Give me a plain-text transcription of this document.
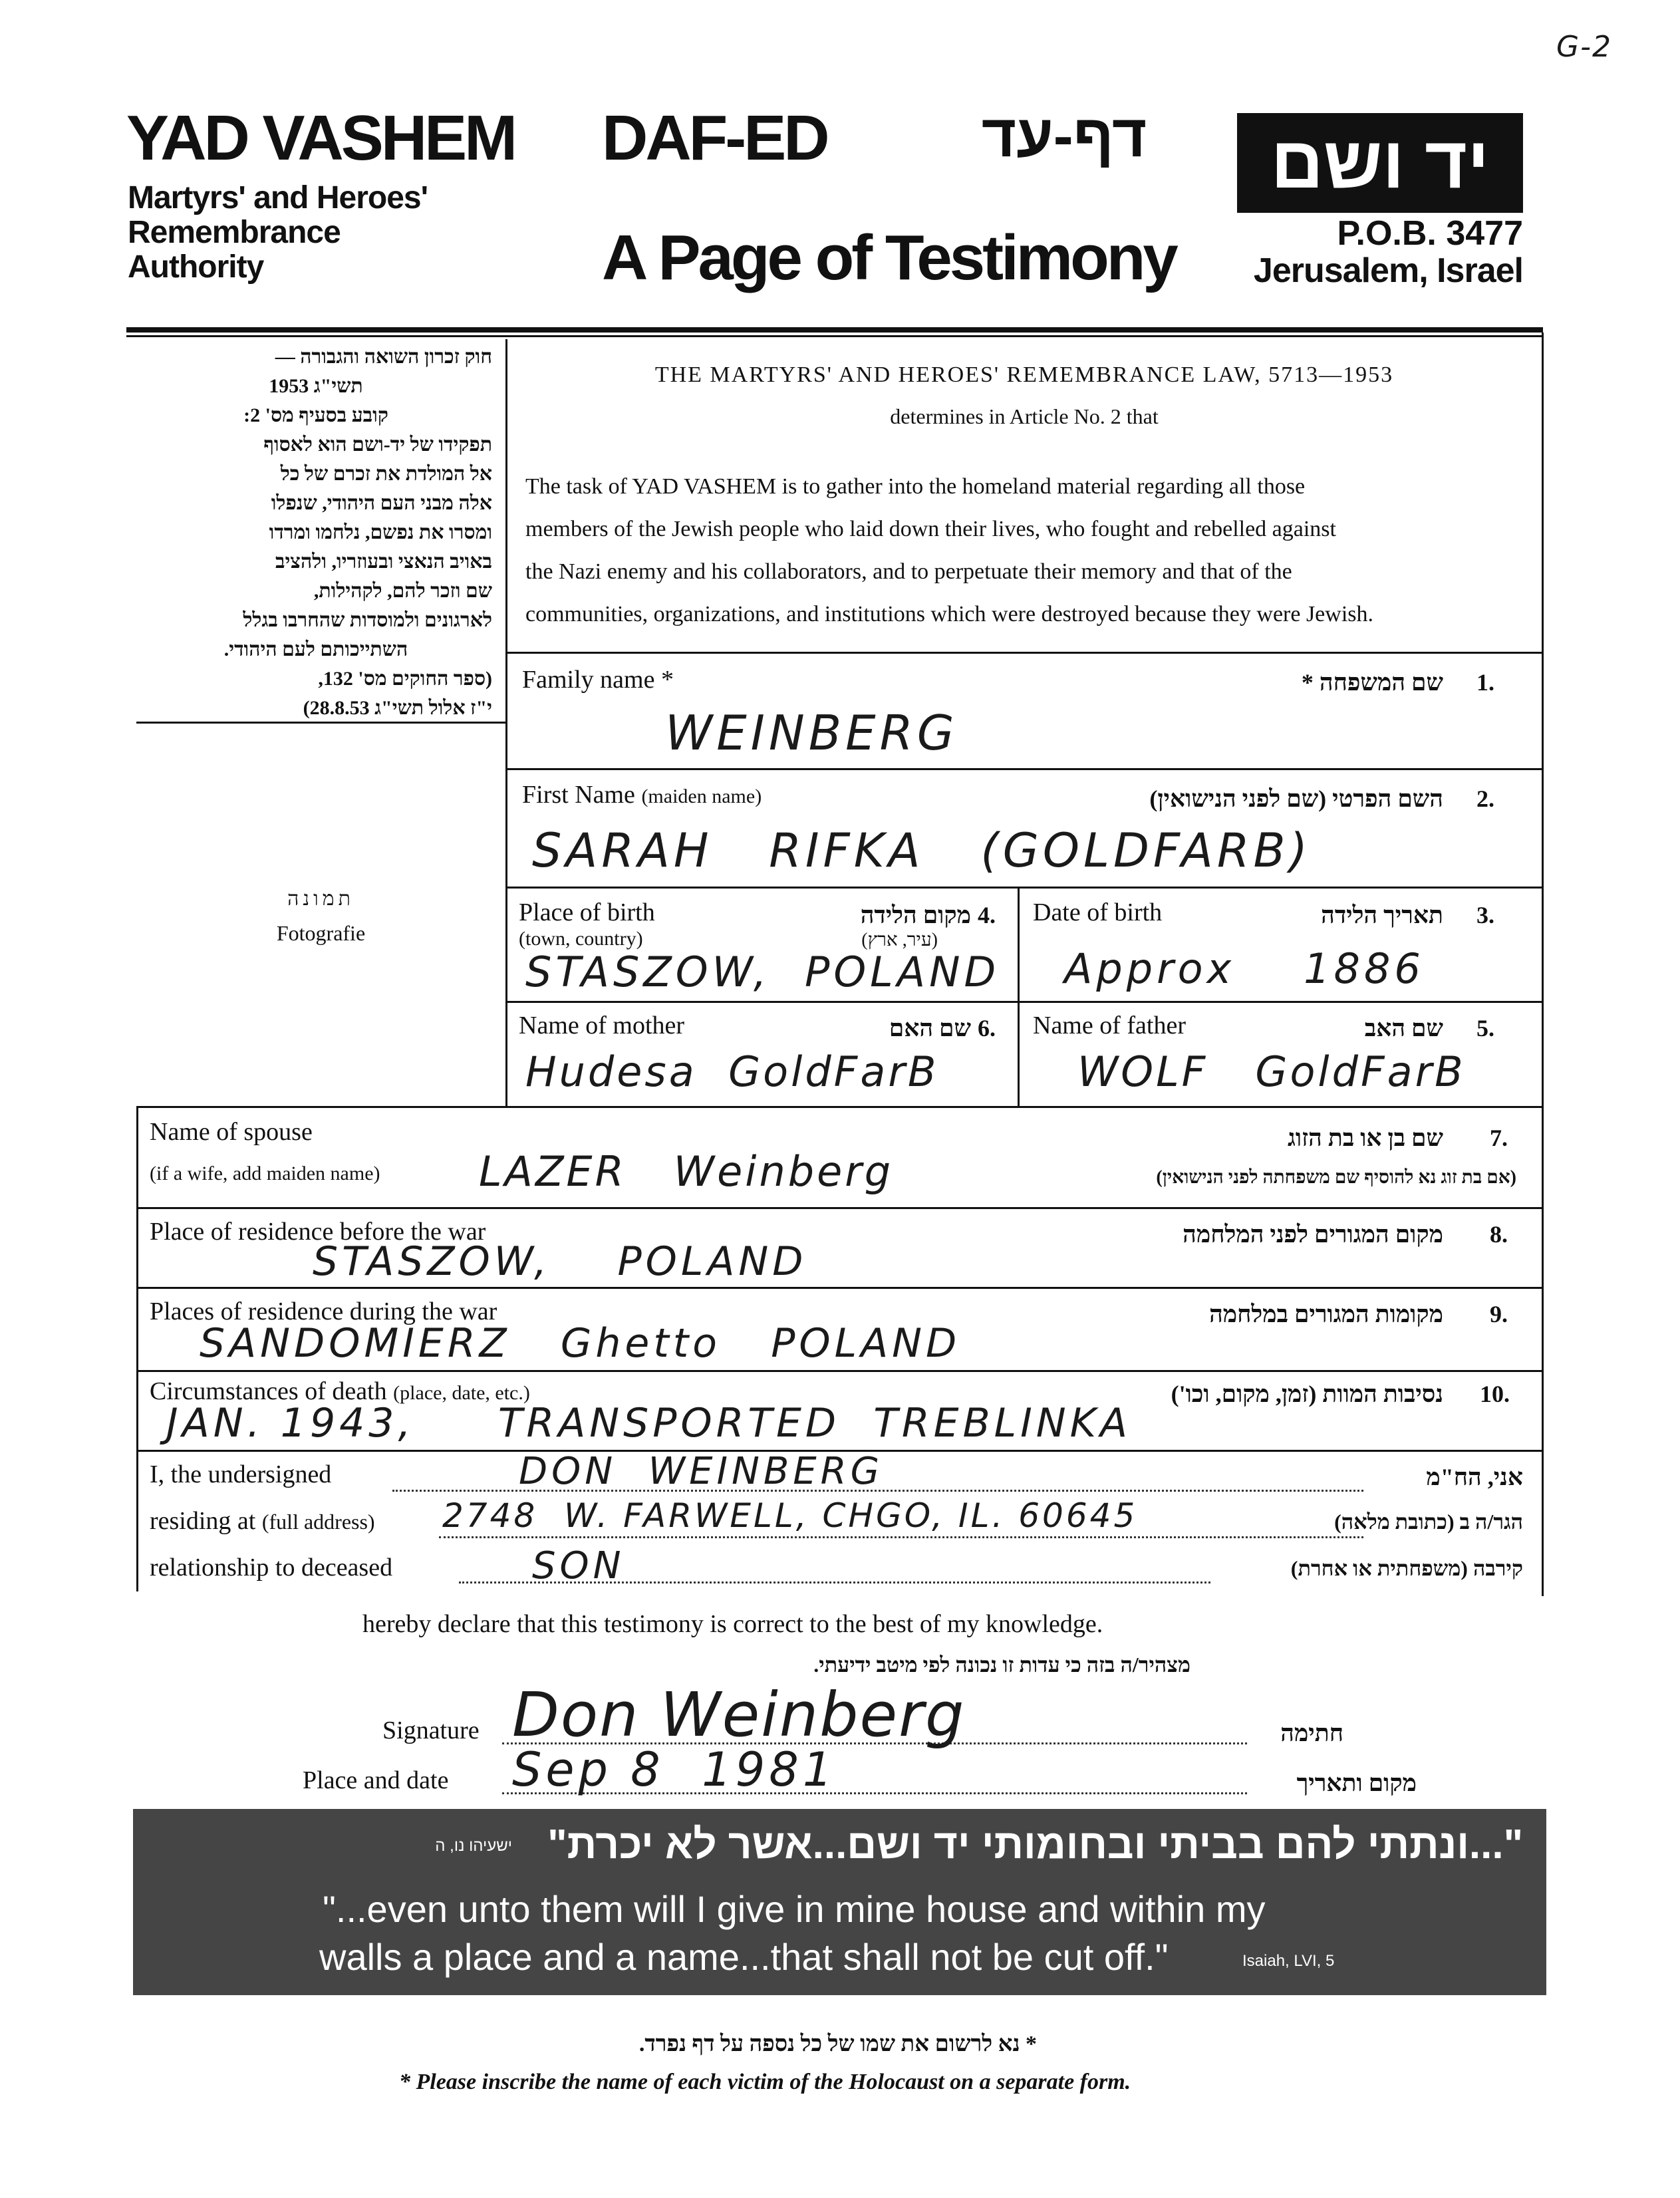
G-2
YAD VASHEM
Martyrs' and Heroes'
Remembrance
Authority
DAF-ED	דף-עד
A Page of Testimony
יד ושם
P.O.B. 3477
Jerusalem, Israel
חוק זכרון השואה והגבורה —
תשי"ג 1953
קובע בסעיף מס' 2:
תפקידו של יד-ושם הוא לאסוף
אל המולדת את זכרם של כל
אלה מבני העם היהודי, שנפלו
ומסרו את נפשם, נלחמו ומרדו
באויב הנאצי ובעוזריו, ולהציב
שם וזכר להם, לקהילות,
לארגונים ולמוסדות שהחרבו בגלל
השתייכותם לעם היהודי.
(ספר החוקים מס' 132,
י"ז אלול תשי"ג 28.8.53)
THE MARTYRS' AND HEROES' REMEMBRANCE LAW, 5713—1953
determines in Article No. 2 that
The task of YAD VASHEM is to gather into the homeland material regarding all those
members of the Jewish people who laid down their lives, who fought and rebelled against
the Nazi enemy and his collaborators, and to perpetuate their memory and that of the
communities, organizations, and institutions which were destroyed because they were Jewish.
תמונה
Fotografie
Family name *	שם המשפחה * 1.
WEINBERG
First Name (maiden name)	השם הפרטי (שם לפני הנישואין) 2.
SARAH   RIFKA   (GOLDFARB)
Place of birth
(town, country)
מקום הלידה
(עיר, ארץ)
4.
STASZOW,  POLAND
Date of birth	תאריך הלידה 3.
Approx    1886
Name of mother	שם האם 6.
Hudesa  GoldFarB
Name of father	שם האב 5.
WOLF   GoldFarB
Name of spouse
(if a wife, add maiden name)
שם בן או בת הזוג
(אם בת זוג נא להוסיף שם משפחתה לפני הנישואין)
7.
LAZER   Weinberg
Place of residence before the war	מקום המגורים לפני המלחמה 8.
STASZOW,    POLAND
Places of residence during the war	מקומות המגורים במלחמה 9.
SANDOMIERZ   Ghetto   POLAND
Circumstances of death (place, date, etc.)	נסיבות המוות (זמן, מקום, וכו') 10.
JAN. 1943,     TRANSPORTED  TREBLINKA
I, the undersigned	DON  WEINBERG	אני, הח"מ
residing at (full address) 2748  W. FARWELL, CHGO, IL. 60645	הגר/ה ב (כתובת מלאה)
relationship to deceased	SON	קירבה (משפחתית או אחרת)
hereby declare that this testimony is correct to the best of my knowledge.
מצהיר/ה בזה כי עדות זו נכונה לפי מיטב ידיעתי.
Signature Don Weinberg	חתימה
Place and date Sep 8  1981	מקום ותאריך
"...ונתתי להם בביתי ובחומותי יד ושם...אשר לא יכרת"
ישעיהו נו, ה
"...even unto them will I give in mine house and within my
walls a place and a name...that shall not be cut off."	Isaiah, LVI, 5
* נא לרשום את שמו של כל נספה על דף נפרד.
* Please inscribe the name of each victim of the Holocaust on a separate form.
